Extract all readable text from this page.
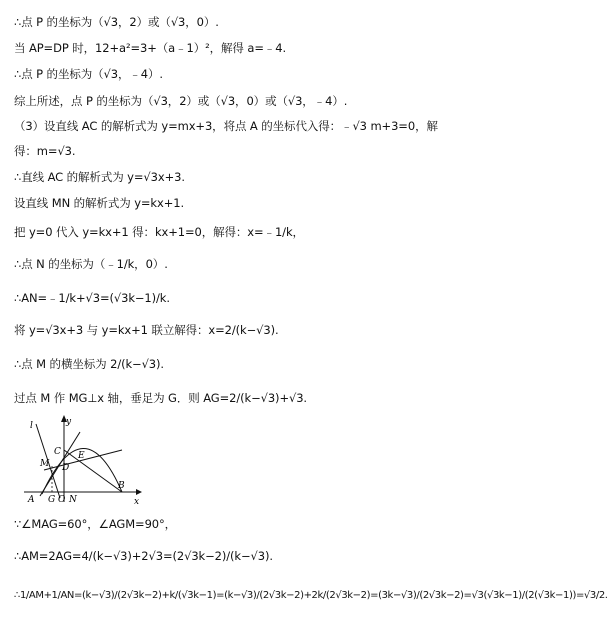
∴点 P 的坐标为（√3，2）或（√3，0）.
当 AP=DP 时，12+a²=3+（a﹣1）²，解得 a=﹣4.
∴点 P 的坐标为（√3，﹣4）.
综上所述，点 P 的坐标为（√3，2）或（√3，0）或（√3，﹣4）.
（3）设直线 AC 的解析式为 y=mx+3，将点 A 的坐标代入得：﹣√3 m+3=0，解
得：m=√3.
∴直线 AC 的解析式为 y=√3x+3.
设直线 MN 的解析式为 y=kx+1.
把 y=0 代入 y=kx+1 得：kx+1=0，解得：x=﹣1/k，
∴点 N 的坐标为（﹣1/k，0）.
∴AN=﹣1/k+√3=(√3k−1)/k.
将 y=√3x+3 与 y=kx+1 联立解得：x=2/(k−√3).
∴点 M 的横坐标为 2/(k−√3).
过点 M 作 MG⊥x 轴，垂足为 G．则 AG=2/(k−√3)+√3.
y
x
l
C
M D
E
B
A G O N
∵∠MAG=60°，∠AGM=90°，
∴AM=2AG=4/(k−√3)+2√3=(2√3k−2)/(k−√3).
∴1/AM+1/AN=(k−√3)/(2√3k−2)+k/(√3k−1)=(k−√3)/(2√3k−2)+2k/(2√3k−2)=(3k−√3)/(2√3k−2)=√3(√3k−1)/(2(√3k−1))=√3/2.
